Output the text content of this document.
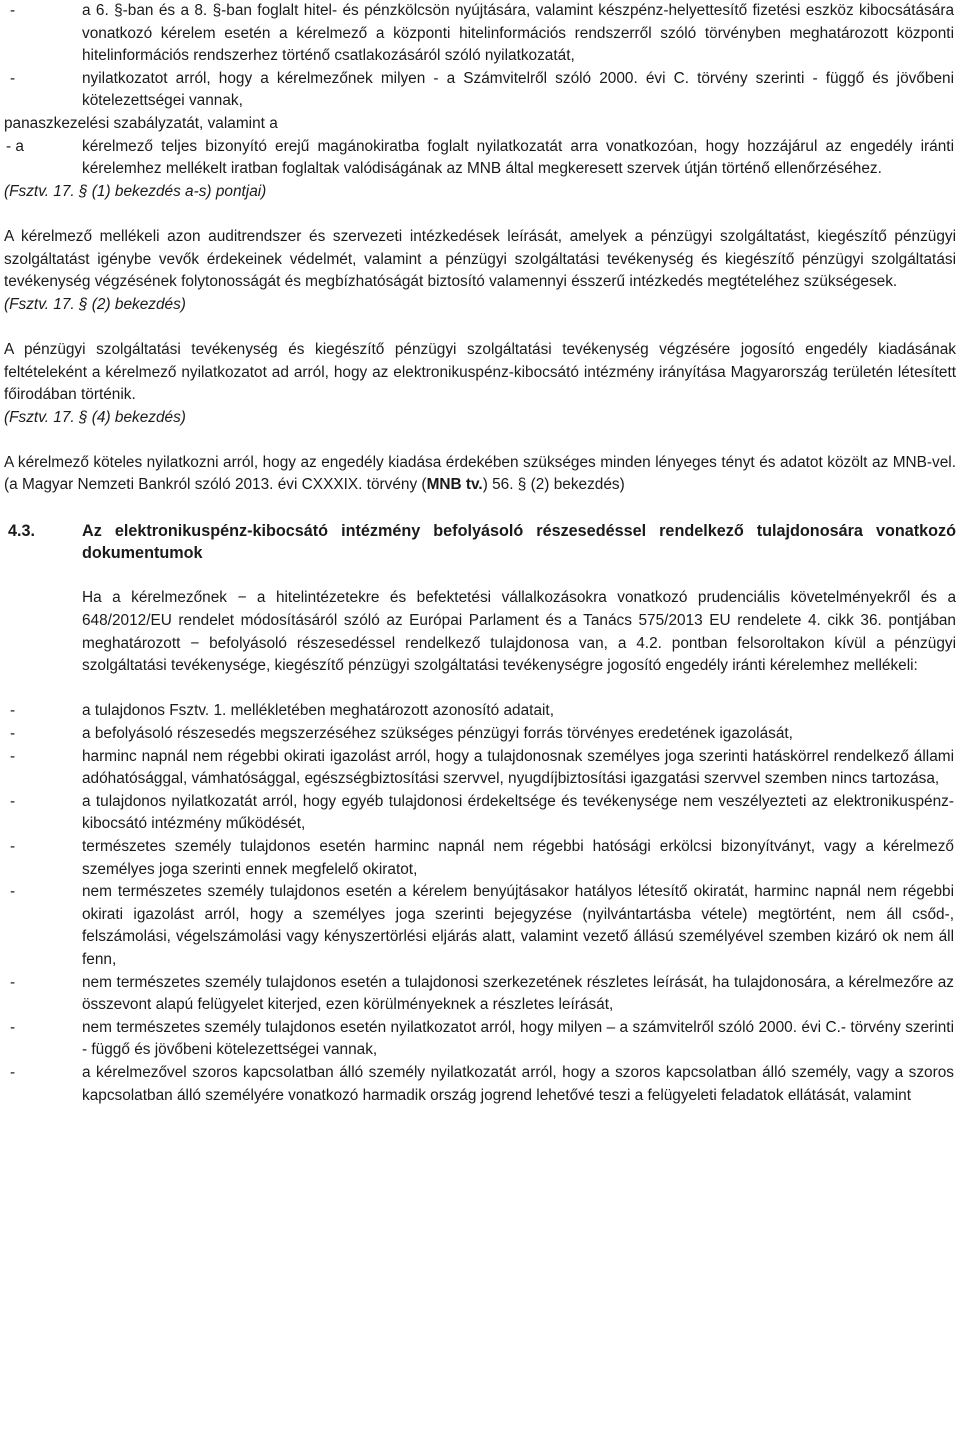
-	a 6. §-ban és a 8. §-ban foglalt hitel- és pénzkölcsön nyújtására, valamint készpénz-helyettesítő fizetési eszköz kibocsátására vonatkozó kérelem esetén a kérelmező a központi hitelinformációs rendszerről szóló törvényben meghatározott központi hitelinformációs rendszerhez történő csatlakozásáról szóló nyilatkozatát,
-	nyilatkozatot arról, hogy a kérelmezőnek milyen - a Számvitelről szóló 2000. évi C. törvény szerinti - függő és jövőbeni kötelezettségei vannak,
panaszkezelési szabályzatát, valamint a
- a	kérelmező teljes bizonyító erejű magánokiratba foglalt nyilatkozatát arra vonatkozóan, hogy hozzájárul az engedély iránti kérelemhez mellékelt iratban foglaltak valódiságának az MNB által megkeresett szervek útján történő ellenőrzéséhez.
(Fsztv. 17. § (1) bekezdés a-s) pontjai)

A kérelmező mellékeli azon auditrendszer és szervezeti intézkedések leírását, amelyek a pénzügyi szolgáltatást, kiegészítő pénzügyi szolgáltatást igénybe vevők érdekeinek védelmét, valamint a pénzügyi szolgáltatási tevékenység és kiegészítő pénzügyi szolgáltatási tevékenység végzésének folytonosságát és megbízhatóságát biztosító valamennyi ésszerű intézkedés megtételéhez szükségesek.

(Fsztv. 17. § (2) bekezdés)

A pénzügyi szolgáltatási tevékenység és kiegészítő pénzügyi szolgáltatási tevékenység végzésére jogosító engedély kiadásának feltételeként a kérelmező nyilatkozatot ad arról, hogy az elektronikuspénz-kibocsátó intézmény irányítása Magyarország területén létesített főirodában történik.

(Fsztv. 17. § (4) bekezdés)

A kérelmező köteles nyilatkozni arról, hogy az engedély kiadása érdekében szükséges minden lényeges tényt és adatot közölt az MNB-vel. (a Magyar Nemzeti Bankról szóló 2013. évi CXXXIX. törvény (MNB tv.) 56. § (2) bekezdés)

4.3.	Az elektronikuspénz-kibocsátó intézmény befolyásoló részesedéssel rendelkező tulajdonosára vonatkozó dokumentumok

Ha a kérelmezőnek − a hitelintézetekre és befektetési vállalkozásokra vonatkozó prudenciális követelményekről és a 648/2012/EU rendelet módosításáról szóló az Európai Parlament és a Tanács 575/2013 EU rendelete 4. cikk 36. pontjában meghatározott − befolyásoló részesedéssel rendelkező tulajdonosa van, a 4.2. pontban felsoroltakon kívül a pénzügyi szolgáltatási tevékenysége, kiegészítő pénzügyi szolgáltatási tevékenységre jogosító engedély iránti kérelemhez mellékeli:

-	a tulajdonos Fsztv. 1. mellékletében meghatározott azonosító adatait,
-	a befolyásoló részesedés megszerzéséhez szükséges pénzügyi forrás törvényes eredetének igazolását,
-	harminc napnál nem régebbi okirati igazolást arról, hogy a tulajdonosnak személyes joga szerinti hatáskörrel rendelkező állami adóhatósággal, vámhatósággal, egészségbiztosítási szervvel, nyugdíjbiztosítási igazgatási szervvel szemben nincs tartozása,
-	a tulajdonos nyilatkozatát arról, hogy egyéb tulajdonosi érdekeltsége és tevékenysége nem veszélyezteti az elektronikuspénz-kibocsátó intézmény működését,
-	természetes személy tulajdonos esetén harminc napnál nem régebbi hatósági erkölcsi bizonyítványt, vagy a kérelmező személyes joga szerinti ennek megfelelő okiratot,
-	nem természetes személy tulajdonos esetén a kérelem benyújtásakor hatályos létesítő okiratát, harminc napnál nem régebbi okirati igazolást arról, hogy a személyes joga szerinti bejegyzése (nyilvántartásba vétele) megtörtént, nem áll csőd-, felszámolási, végelszámolási vagy kényszertörlési eljárás alatt, valamint vezető állású személyével szemben kizáró ok nem áll fenn,
-	nem természetes személy tulajdonos esetén a tulajdonosi szerkezetének részletes leírását, ha tulajdonosára, a kérelmezőre az összevont alapú felügyelet kiterjed, ezen körülményeknek a részletes leírását,
-	nem természetes személy tulajdonos esetén nyilatkozatot arról, hogy milyen – a számvitelről szóló 2000. évi C.- törvény szerinti - függő és jövőbeni kötelezettségei vannak,
-	a kérelmezővel szoros kapcsolatban álló személy nyilatkozatát arról, hogy a szoros kapcsolatban álló személy, vagy a szoros kapcsolatban álló személyére vonatkozó harmadik ország jogrend lehetővé teszi a felügyeleti feladatok ellátását, valamint
